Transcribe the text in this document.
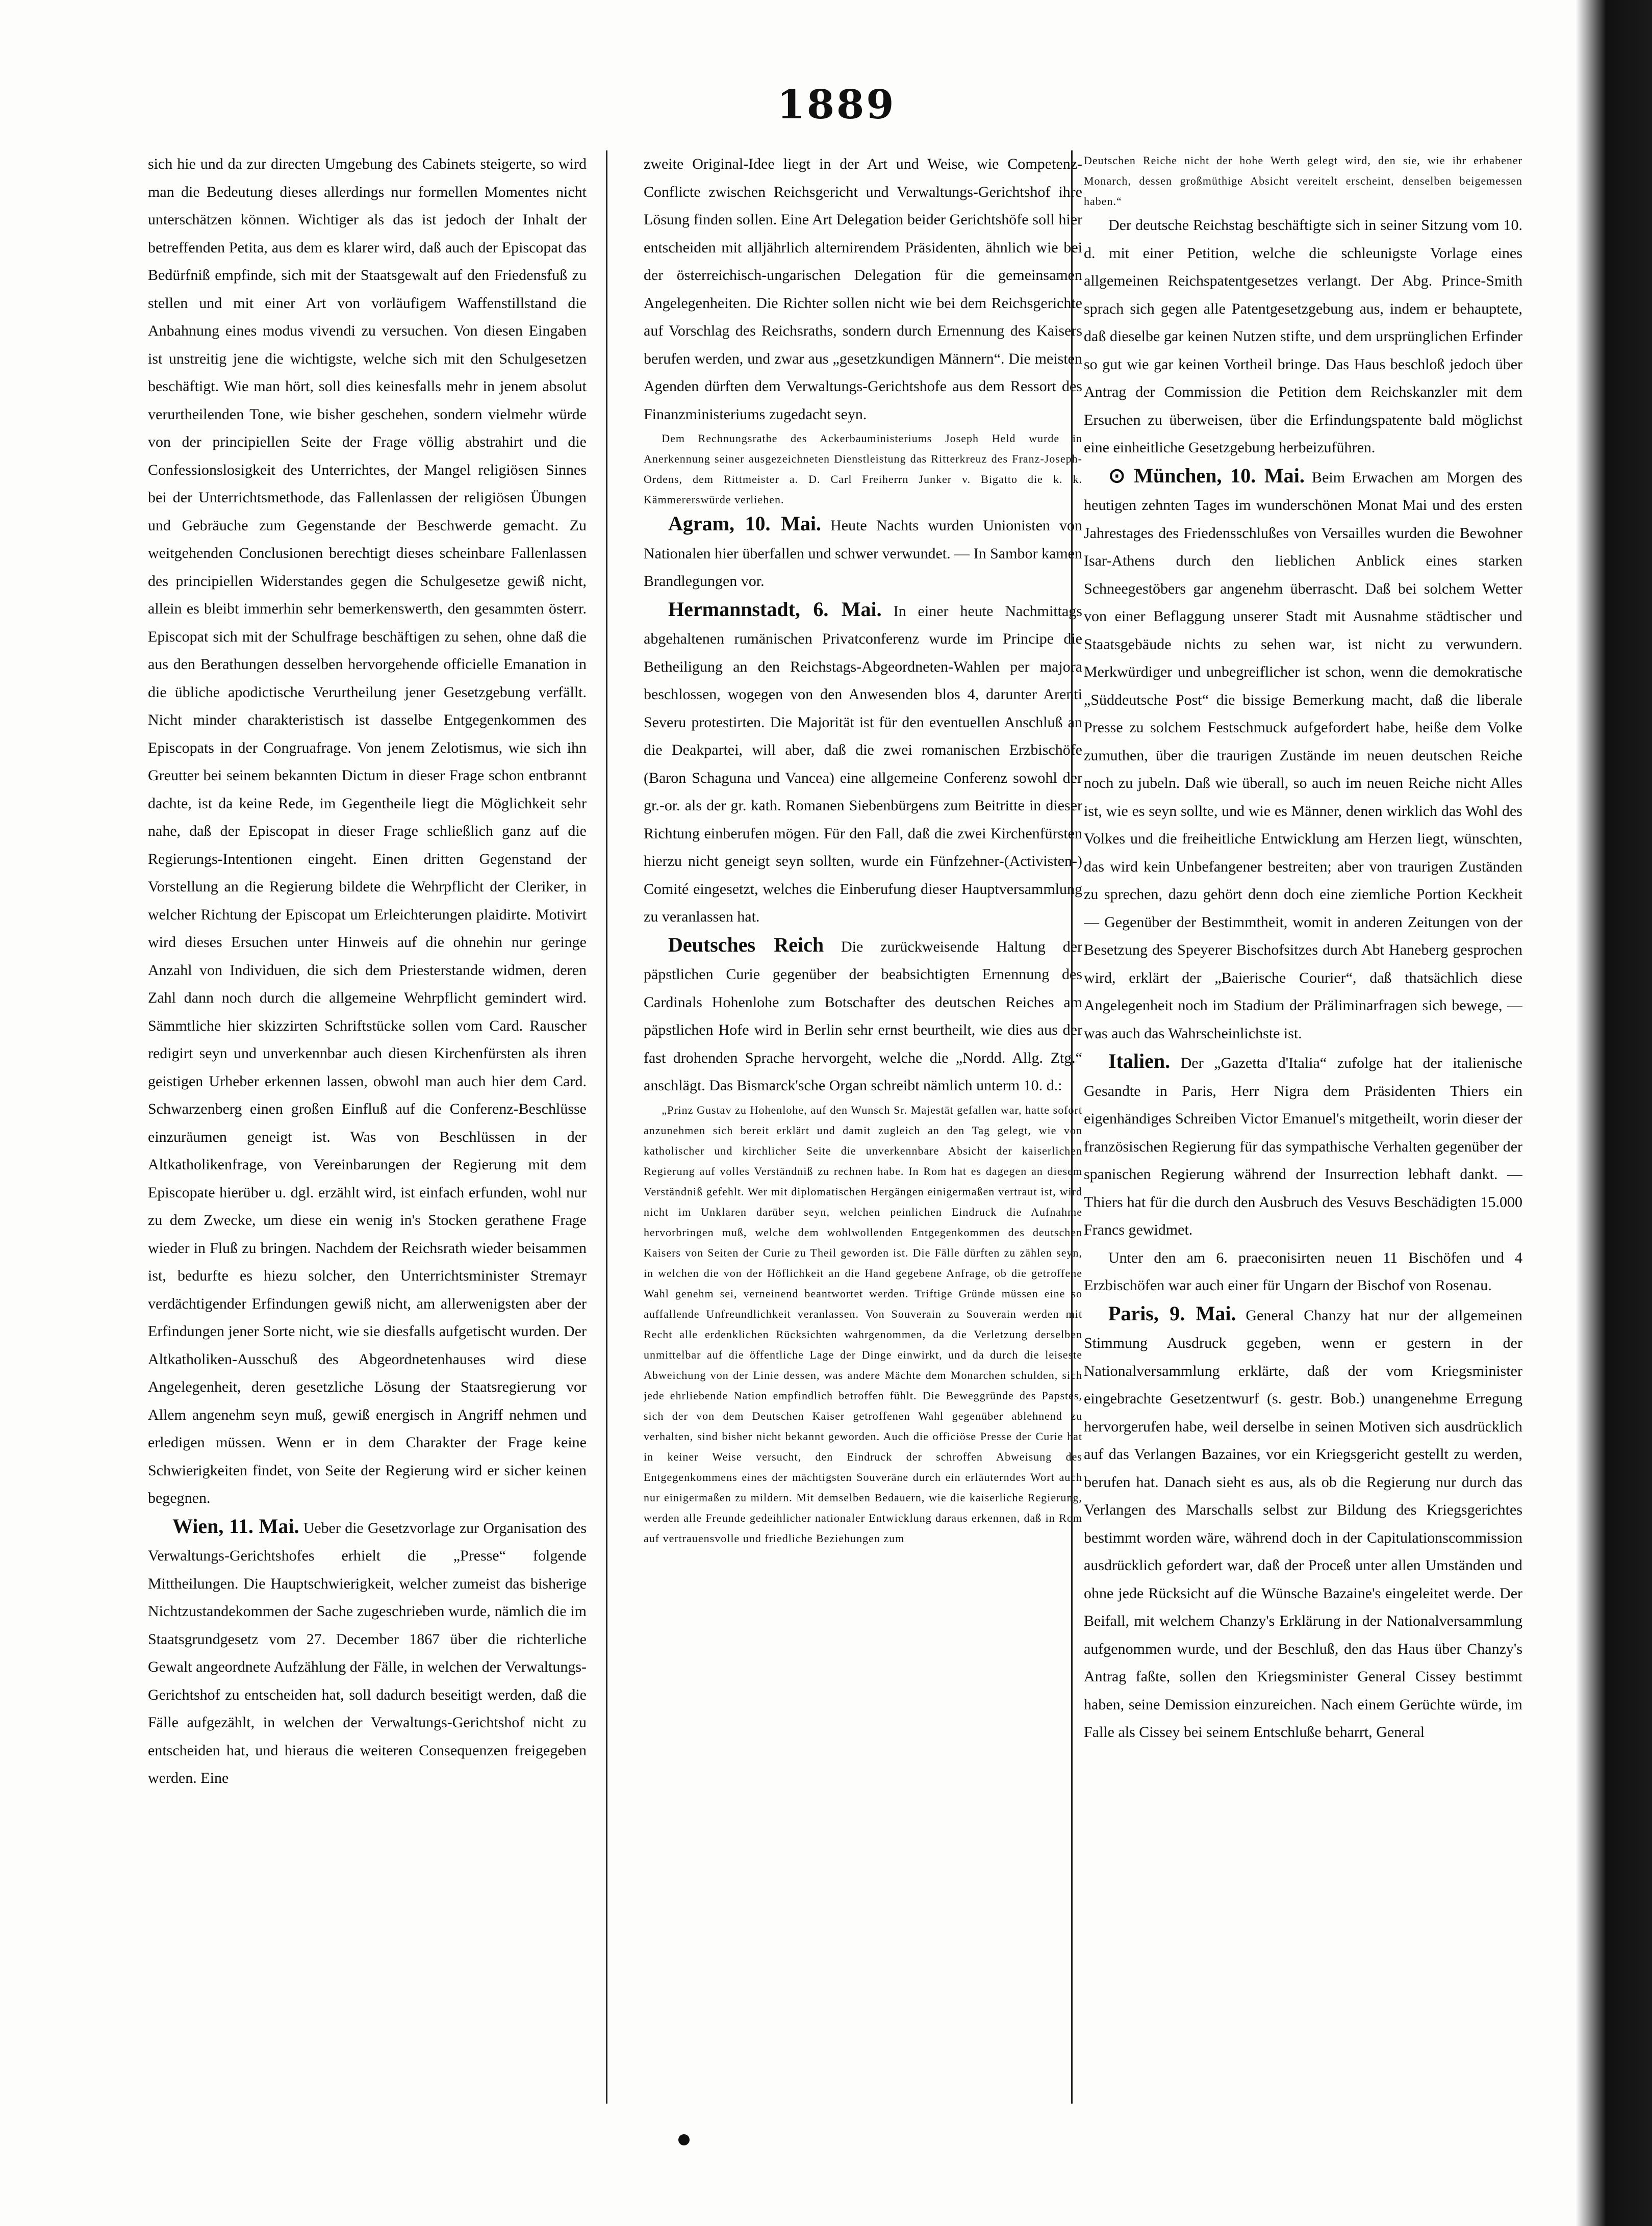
1889

sich hie und da zur directen Umgebung des Cabinets steigerte, so wird man die Bedeutung dieses allerdings nur formellen Momentes nicht unterschätzen können. Wichtiger als das ist jedoch der Inhalt der betreffenden Petita, aus dem es klarer wird, daß auch der Episcopat das Bedürfniß empfinde, sich mit der Staatsgewalt auf den Friedensfuß zu stellen und mit einer Art von vorläufigem Waffenstillstand die Anbahnung eines modus vivendi zu versuchen. Von diesen Eingaben ist unstreitig jene die wichtigste, welche sich mit den Schulgesetzen beschäftigt. Wie man hört, soll dies keinesfalls mehr in jenem absolut verurtheilenden Tone, wie bisher geschehen, sondern vielmehr würde von der principiellen Seite der Frage völlig abstrahirt und die Confessionslosigkeit des Unterrichtes, der Mangel religiösen Sinnes bei der Unterrichtsmethode, das Fallenlassen der religiösen Übungen und Gebräuche zum Gegenstande der Beschwerde gemacht. Zu weitgehenden Conclusionen berechtigt dieses scheinbare Fallenlassen des principiellen Widerstandes gegen die Schulgesetze gewiß nicht, allein es bleibt immerhin sehr bemerkenswerth, den gesammten österr. Episcopat sich mit der Schulfrage beschäftigen zu sehen, ohne daß die aus den Berathungen desselben hervorgehende officielle Emanation in die übliche apodictische Verurtheilung jener Gesetzgebung verfällt. Nicht minder charakteristisch ist dasselbe Entgegenkommen des Episcopats in der Congruafrage. Von jenem Zelotismus, wie sich ihn Greutter bei seinem bekannten Dictum in dieser Frage schon entbrannt dachte, ist da keine Rede, im Gegentheile liegt die Möglichkeit sehr nahe, daß der Episcopat in dieser Frage schließlich ganz auf die Regierungs-Intentionen eingeht. Einen dritten Gegenstand der Vorstellung an die Regierung bildete die Wehrpflicht der Cleriker, in welcher Richtung der Episcopat um Erleichterungen plaidirte. Motivirt wird dieses Ersuchen unter Hinweis auf die ohnehin nur geringe Anzahl von Individuen, die sich dem Priesterstande widmen, deren Zahl dann noch durch die allgemeine Wehrpflicht gemindert wird. Sämmtliche hier skizzirten Schriftstücke sollen vom Card. Rauscher redigirt seyn und unverkennbar auch diesen Kirchenfürsten als ihren geistigen Urheber erkennen lassen, obwohl man auch hier dem Card. Schwarzenberg einen großen Einfluß auf die Conferenz-Beschlüsse einzuräumen geneigt ist. Was von Beschlüssen in der Altkatholikenfrage, von Vereinbarungen der Regierung mit dem Episcopate hierüber u. dgl. erzählt wird, ist einfach erfunden, wohl nur zu dem Zwecke, um diese ein wenig in's Stocken gerathene Frage wieder in Fluß zu bringen. Nachdem der Reichsrath wieder beisammen ist, bedurfte es hiezu solcher, den Unterrichtsminister Stremayr verdächtigender Erfindungen gewiß nicht, am allerwenigsten aber der Erfindungen jener Sorte nicht, wie sie diesfalls aufgetischt wurden. Der Altkatholiken-Ausschuß des Abgeordnetenhauses wird diese Angelegenheit, deren gesetzliche Lösung der Staatsregierung vor Allem angenehm seyn muß, gewiß energisch in Angriff nehmen und erledigen müssen. Wenn er in dem Charakter der Frage keine Schwierigkeiten findet, von Seite der Regierung wird er sicher keinen begegnen.

Wien, 11. Mai. Ueber die Gesetzvorlage zur Organisation des Verwaltungs-Gerichtshofes erhielt die „Presse“ folgende Mittheilungen. Die Hauptschwierigkeit, welcher zumeist das bisherige Nichtzustandekommen der Sache zugeschrieben wurde, nämlich die im Staatsgrundgesetz vom 27. December 1867 über die richterliche Gewalt angeordnete Aufzählung der Fälle, in welchen der Verwaltungs-Gerichtshof zu entscheiden hat, soll dadurch beseitigt werden, daß die Fälle aufgezählt, in welchen der Verwaltungs-Gerichtshof nicht zu entscheiden hat, und hieraus die weiteren Consequenzen freigegeben werden. Eine

zweite Original-Idee liegt in der Art und Weise, wie Competenz-Conflicte zwischen Reichsgericht und Verwaltungs-Gerichtshof ihre Lösung finden sollen. Eine Art Delegation beider Gerichtshöfe soll hier entscheiden mit alljährlich alternirendem Präsidenten, ähnlich wie bei der österreichisch-ungarischen Delegation für die gemeinsamen Angelegenheiten. Die Richter sollen nicht wie bei dem Reichsgerichte auf Vorschlag des Reichsraths, sondern durch Ernennung des Kaisers berufen werden, und zwar aus „gesetzkundigen Männern“. Die meisten Agenden dürften dem Verwaltungs-Gerichtshofe aus dem Ressort des Finanzministeriums zugedacht seyn.

Dem Rechnungsrathe des Ackerbauministeriums Joseph Held wurde in Anerkennung seiner ausgezeichneten Dienstleistung das Ritterkreuz des Franz-Joseph-Ordens, dem Rittmeister a. D. Carl Freiherrn Junker v. Bigatto die k. k. Kämmererswürde verliehen.

Agram, 10. Mai. Heute Nachts wurden Unionisten von Nationalen hier überfallen und schwer verwundet. — In Sambor kamen Brandlegungen vor.

Hermannstadt, 6. Mai. In einer heute Nachmittags abgehaltenen rumänischen Privatconferenz wurde im Principe die Betheiligung an den Reichstags-Abgeordneten-Wahlen per majora beschlossen, wogegen von den Anwesenden blos 4, darunter Arenti Severu protestirten. Die Majorität ist für den eventuellen Anschluß an die Deakpartei, will aber, daß die zwei romanischen Erzbischöfe (Baron Schaguna und Vancea) eine allgemeine Conferenz sowohl der gr.-or. als der gr. kath. Romanen Siebenbürgens zum Beitritte in dieser Richtung einberufen mögen. Für den Fall, daß die zwei Kirchenfürsten hierzu nicht geneigt seyn sollten, wurde ein Fünfzehner-(Activisten-) Comité eingesetzt, welches die Einberufung dieser Hauptversammlung zu veranlassen hat.

Deutsches Reich Die zurückweisende Haltung der päpstlichen Curie gegenüber der beabsichtigten Ernennung des Cardinals Hohenlohe zum Botschafter des deutschen Reiches am päpstlichen Hofe wird in Berlin sehr ernst beurtheilt, wie dies aus der fast drohenden Sprache hervorgeht, welche die „Nordd. Allg. Ztg.“ anschlägt. Das Bismarck'sche Organ schreibt nämlich unterm 10. d.:

„Prinz Gustav zu Hohenlohe, auf den Wunsch Sr. Majestät gefallen war, hatte sofort anzunehmen sich bereit erklärt und damit zugleich an den Tag gelegt, wie von katholischer und kirchlicher Seite die unverkennbare Absicht der kaiserlichen Regierung auf volles Verständniß zu rechnen habe. In Rom hat es dagegen an diesem Verständniß gefehlt. Wer mit diplomatischen Hergängen einigermaßen vertraut ist, wird nicht im Unklaren darüber seyn, welchen peinlichen Eindruck die Aufnahme hervorbringen muß, welche dem wohlwollenden Entgegenkommen des deutschen Kaisers von Seiten der Curie zu Theil geworden ist. Die Fälle dürften zu zählen seyn, in welchen die von der Höflichkeit an die Hand gegebene Anfrage, ob die getroffene Wahl genehm sei, verneinend beantwortet werden. Triftige Gründe müssen eine so auffallende Unfreundlichkeit veranlassen. Von Souverain zu Souverain werden mit Recht alle erdenklichen Rücksichten wahrgenommen, da die Verletzung derselben unmittelbar auf die öffentliche Lage der Dinge einwirkt, und da durch die leiseste Abweichung von der Linie dessen, was andere Mächte dem Monarchen schulden, sich jede ehrliebende Nation empfindlich betroffen fühlt. Die Beweggründe des Papstes, sich der von dem Deutschen Kaiser getroffenen Wahl gegenüber ablehnend zu verhalten, sind bisher nicht bekannt geworden. Auch die officiöse Presse der Curie hat in keiner Weise versucht, den Eindruck der schroffen Abweisung des Entgegenkommens eines der mächtigsten Souveräne durch ein erläuterndes Wort auch nur einigermaßen zu mildern. Mit demselben Bedauern, wie die kaiserliche Regierung, werden alle Freunde gedeihlicher nationaler Entwicklung daraus erkennen, daß in Rom auf vertrauensvolle und friedliche Beziehungen zum

Deutschen Reiche nicht der hohe Werth gelegt wird, den sie, wie ihr erhabener Monarch, dessen großmüthige Absicht vereitelt erscheint, denselben beigemessen haben.“

Der deutsche Reichstag beschäftigte sich in seiner Sitzung vom 10. d. mit einer Petition, welche die schleunigste Vorlage eines allgemeinen Reichspatentgesetzes verlangt. Der Abg. Prince-Smith sprach sich gegen alle Patentgesetzgebung aus, indem er behauptete, daß dieselbe gar keinen Nutzen stifte, und dem ursprünglichen Erfinder so gut wie gar keinen Vortheil bringe. Das Haus beschloß jedoch über Antrag der Commission die Petition dem Reichskanzler mit dem Ersuchen zu überweisen, über die Erfindungspatente bald möglichst eine einheitliche Gesetzgebung herbeizuführen.

⊙ München, 10. Mai. Beim Erwachen am Morgen des heutigen zehnten Tages im wunderschönen Monat Mai und des ersten Jahrestages des Friedensschlußes von Versailles wurden die Bewohner Isar-Athens durch den lieblichen Anblick eines starken Schneegestöbers gar angenehm überrascht. Daß bei solchem Wetter von einer Beflaggung unserer Stadt mit Ausnahme städtischer und Staatsgebäude nichts zu sehen war, ist nicht zu verwundern. Merkwürdiger und unbegreiflicher ist schon, wenn die demokratische „Süddeutsche Post“ die bissige Bemerkung macht, daß die liberale Presse zu solchem Festschmuck aufgefordert habe, heiße dem Volke zumuthen, über die traurigen Zustände im neuen deutschen Reiche noch zu jubeln. Daß wie überall, so auch im neuen Reiche nicht Alles ist, wie es seyn sollte, und wie es Männer, denen wirklich das Wohl des Volkes und die freiheitliche Entwicklung am Herzen liegt, wünschten, das wird kein Unbefangener bestreiten; aber von traurigen Zuständen zu sprechen, dazu gehört denn doch eine ziemliche Portion Keckheit — Gegenüber der Bestimmtheit, womit in anderen Zeitungen von der Besetzung des Speyerer Bischofsitzes durch Abt Haneberg gesprochen wird, erklärt der „Baierische Courier“, daß thatsächlich diese Angelegenheit noch im Stadium der Präliminarfragen sich bewege, — was auch das Wahrscheinlichste ist.

Italien. Der „Gazetta d'Italia“ zufolge hat der italienische Gesandte in Paris, Herr Nigra dem Präsidenten Thiers ein eigenhändiges Schreiben Victor Emanuel's mitgetheilt, worin dieser der französischen Regierung für das sympathische Verhalten gegenüber der spanischen Regierung während der Insurrection lebhaft dankt. — Thiers hat für die durch den Ausbruch des Vesuvs Beschädigten 15.000 Francs gewidmet.

Unter den am 6. praeconisirten neuen 11 Bischöfen und 4 Erzbischöfen war auch einer für Ungarn der Bischof von Rosenau.

Paris, 9. Mai. General Chanzy hat nur der allgemeinen Stimmung Ausdruck gegeben, wenn er gestern in der Nationalversammlung erklärte, daß der vom Kriegsminister eingebrachte Gesetzentwurf (s. gestr. Bob.) unangenehme Erregung hervorgerufen habe, weil derselbe in seinen Motiven sich ausdrücklich auf das Verlangen Bazaines, vor ein Kriegsgericht gestellt zu werden, berufen hat. Danach sieht es aus, als ob die Regierung nur durch das Verlangen des Marschalls selbst zur Bildung des Kriegsgerichtes bestimmt worden wäre, während doch in der Capitulationscommission ausdrücklich gefordert war, daß der Proceß unter allen Umständen und ohne jede Rücksicht auf die Wünsche Bazaine's eingeleitet werde. Der Beifall, mit welchem Chanzy's Erklärung in der Nationalversammlung aufgenommen wurde, und der Beschluß, den das Haus über Chanzy's Antrag faßte, sollen den Kriegsminister General Cissey bestimmt haben, seine Demission einzureichen. Nach einem Gerüchte würde, im Falle als Cissey bei seinem Entschluße beharrt, General
